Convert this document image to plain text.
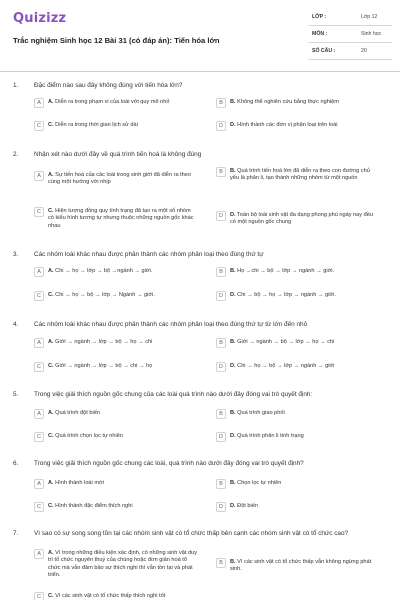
Quizizz
Trắc nghiệm Sinh học 12 Bài 31 (có đáp án): Tiến hóa lớn
LỚP :	Lớp 12
MÔN :	Sinh học
SỐ CÂU :	20
1. Đặc điểm nào sau đây không đúng với tiến hóa lớn?
A	A. Diễn ra trong phạm vi của loài với quy mô nhỏ	B	B. Không thể nghiên cứu bằng thực nghiệm
C	C. Diễn ra trong thời gian lịch sử dài	D	D. Hình thành các đơn vị phân loại trên loài
2. Nhận xét nào dưới đây về quá trình tiến hoá là không đúng
A	A. Sự tiến hoá của các loài trong sinh giới đã diễn ra theo cùng một hướng với nhịp
B	B. Quá trình tiến hoá lớn đã diễn ra theo con đường chủ yếu là phân li, tạo thành những nhóm từ một nguồn
C	C. Hiện tượng đồng quy tính trạng đã tạo ra một số nhóm có kiểu hình tương tự nhưng thuộc những nguồn gốc khác nhau
D	D. Toàn bộ loài sinh vật đa dạng phong phú ngày nay đều có một nguồn gốc chung
3. Các nhóm loài khác nhau được phân thành các nhóm phân loại theo đúng thứ tự
A	A. Chi → họ → lớp → bộ →ngành → giới.	B	B. Họ →chi → bộ → lớp → ngành → giới.
C	C. Chi → họ → bộ → lớp → Ngành → giới.	D	D. Chi → bộ → họ → lớp → ngành → giới.
4. Các nhóm loài khác nhau được phân thành các nhóm phân loại theo đúng thứ tự từ lớn đến nhỏ
A	A. Giới → ngành → lớp → bộ → họ → chi	B	B. Giới → ngành → bộ → lớp → họ → chi
C	C. Giới → ngành → lớp → bộ → chi → họ	D	D. Chi → họ → bộ → lớp → ngành → giới
5. Trong việc giải thích nguồn gốc chung của các loài quá trình nào dưới đây đóng vai trò quyết định:
A	A. Quá trình đột biến	B	B. Quá trình giao phối
C	C. Quá trình chọn lọc tự nhiên	D	D. Quá trình phân li tính trạng
6. Trong việc giải thích nguồn gốc chung các loài, quá trình nào dưới đây đóng vai trò quyết định?
A	A. Hình thành loài mới	B	B. Chọn lọc tự nhiên
C	C. Hình thành đặc điểm thích nghi	D	D. Đột biến
7. Vì sao có sự song song tồn tại các nhóm sinh vật có tổ chức thấp bên cạnh các nhóm sinh vật có tổ chức cao?
A	A. Vì trong những điều kiện xác định, có những sinh vật duy trì tổ chức nguyên thuỷ của chúng hoặc đơn giản hoá tổ chức mà vẫn đảm bảo sự thích nghi thì vẫn tồn tại và phát triển.
B	B. Vì các sinh vật có tổ chức thấp vẫn không ngừng phát sinh.
C	C. Vì các sinh vật có tổ chức thấp thích nghi tốt
